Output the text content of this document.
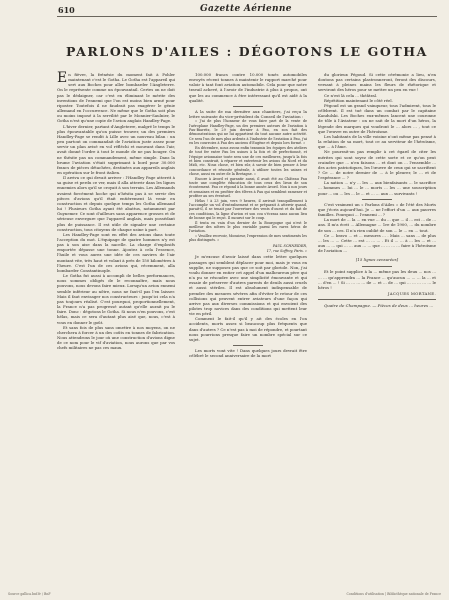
610	Gazette Aérienne
PARLONS D'AILES : DÉGOTONS LE GOTHA

En fièvre, la frénésie du moment fait à Pohler maintenant c'est le Gotha. Le Gotha est l'appareil qui sert aux Boches pour aller bombarder l'Angleterre. On le représente comme un épouvantail. Certes on ne doit pas le dédaigner, car c'est en éliminant le mérite des inventions de l'ennemi que l'on est moins bien armé pour riposter. Toutefois il ne faudrait pas exagérer le génie allemand en l'occurrence. Ne même que le Gotha soit plus ou moins imposé à la servilité par le Monnier-Saulnier, le Gotha n'est qu'une copie de l'avion anglais Handley-Page.

L'hiver dernier, partant d'Angleterre, malgré le temps le plus épouvantable qu'on puisse trouver, un des premiers Handley-Page se rendit à Lille avec un nouveau bilan : un peu partout on commandait de l'aviation juste assez pour servir un plan avisé en vol réfléchi et mouvant dans l'air, avait donné l'ordre à tout le monde de ne pas bouger. On ne thésite pas un commandement, même simple. Dans la brume l'aviation s'était supprimant à bord pour 30.000 francs de pièces détachées, destinées aux appareils anglais en opération sur le front italien.

Il arriva ce qui devait arriver : l'Handley Page atterrit à sa guise et perdu ce ver, mais il alla atterrir dans les lignes ennemies alors qu'il se croyait à son terrain. Les Allemands avaient forcément hoche qui n'hésita pas à se servir des pièces d'avions qu'il était entièrement là venir en construction et depuis quelque temps les Gotha allemand lui ! Plusieurs Gotha ayant été abattus, notamment par Guynemer. Ce sont d'ailleurs sans apparence grosses et de sérieuse envergure que l'appareil anglais, mais possédant plus de puissance. Il est utile de signaler une certaine construction, tous citoyens de chaque usine à part.

Les Handley-Page sont en effet des avions dans toute l'acception du mot. L'équipage de quatre hommes n'y est pas à son aise dans la nacelle. La charge d'explosifs emportée dépasse une tonne. Ajoutez à cela l'essence, l'huile et vous aurez une idée de ces navires de l'air montant vite, très haut et volant à près de 150 kilomètres à l'heure. C'est l'un de ces avions qui, récemment, alla bombarder Constantinople.

Le Gotha fut aussi à accompli de belles performances, nous sommes obligés de le reconnaître, mais nous pouvons, nous devons faire mieux. Lorsqu'un avion ennemi semble inférieur au nôtre, nous ne faut-il pas l'en laisser. Mais il faut envisager nos constructeurs : jusqu'ici cela n'a pas toujours réalisé. C'est pourquoi, proportionnellement, la France n'a pas progressé autant qu'elle aurait pu le faire. Donc : dégotons le Gotha. Si nous n'en pouvons, c'est hélas, mais ce sera d'autant plus aisé que, nous, c'est à vous en donner le goût.

Et sans fois de plus sans omettre à nos moyens, on ne cherchera à forcer à un des coûts en tonnes de fabrication. Nous attendrons le jour où une construction d'avions digne de ce nom pour le vif d'aviation, nous aurons que par vos chefs militaires ne pas ces maux.

100.000 francs contre 10.000 tonés automobiles envoyés récent tonnes à maintenir le rapport marché pour valoir à tant font aviation automobile. Cela pour que notre travail achevé, à l'avoir de l'industrie à plus à propos, ont que les au commence à être intéressant qu'il est aidé à la qualité.

A la suite de ma dernière aux chantiers, j'ai reçu la lettre suivante du vice-président du Conseil de l'aviation :

« J'ai de plus l'honneur de vous faire part de la vente de l'aéroplane Handley-Page, un des premiers auteurs de l'aviation à Pau-Biarritz, le 29 juin dernier à Pau, en son fait des démonstrations qui ne lui appartient du tout aucune autre activité. Ce sera l'un de mes plus ardents à l'industrie de l'aviation à Pau, j'ai eu les courroies à Pau des anciens d'Eugène et depuis lors formé. »

En décembre, nous avons enfin transmis les équipes des ateliers de tout fer entre Pau les usines à la fois et de perfectionné, et l'équipe avionnaise toute sera une de ces meilleures, jusqu'à la fois et bien construit, à réparer et entretenir les avions du Nord et du Midi, etc. Nous chose, et bien sûr, à savoir de bien penser à leur concordance et réussite générale, à utiliser toutes les usines et chose, aussi en outre de la Bretagne. »

Encore à Avord et garantir aussi, il avait été au Château Pau toute une complète éducation de tous ceux des lieux de son écoutement. Pau ce répond à la bonne année Avord. Non à nos jours et semaines et en profiter des élèves à Pau qui semblent ramener et profiter au ses éventuel.

Hélas ! à 23 juin, vers 9 heures, il arrivait tranquillement à l'accomplir un vol d'entraînement et se préparait à atterrir quand, parait-il, il se tenait par l'ouverture des vents d'ouest et du fait de ces conditions, la ligne d'avion et son cou s'écrasa sans aucun lieu de bonne qui le reçut. Il mourut sur le coup.

Il tenta en vain d'un dernier de la Bourgogne qui n'est le meilleur des nôtres le plus enviable parmi les rares héros de l'aviation.

« Veuillez recevoir, Monsieur, l'expression de mes sentiments les plus distingués. »

PAUL SCHNEIDER,
17, rue Soffroy, Paris. »

Je m'excuse d'avoir laissé dans cette lettre quelques passages qui semblent déplacer pour moi, mais je vous en supplie, ne supposez pas que ce soit par gloriole. Non, j'ai voulu donner en entier cet appel d'un malheureux père qui n'a pu se résoudre avec une simplicité émouvante et qui essaie de préserver d'autres parents de deuils aussi cruels et aussi stériles. Il est absolument indispensable de prendre des mesures sévères afin d'éviter le retour de ces collisions qui peuvent entrer aviateurs d'une façon qui arrive pas aux diverses commissions et qui envoient des pilotes trop novices dans des conditions qui mettent leur vie en péril.

Comment le fait-il qu'il y ait des écoles en l'on accidents, morts assez si beaucoup plus fréquents que dans d'autres ? Ce n'est pas à moi de répondre, et pourtant nous pourrions presque faire un nombre spécial sur ce sujet.

Les morts vont vite ! Dans quelques jours devrait être célébré le second anniversaire de la mort

du glorieux Pégoud. Si cette cérémonie a lieu, n'en doutons pas certains plastronneront, feront des discours, versant à pleines mains les fleurs de rhétorique et serviront des héros pour se mettre un peu en vue !

Ce n'est là cela ... théâtral.

Répétition maintenant le côté réel.

Pégoud est un grand vainqueur, tous l'admirent, tous le célèbrent. Il est tué dans un combat par le capitaine Kandulski. Les Boches eux-mêmes lancent une couronne de tôle à l'Aviateur : on ne sait de la mort d'un héros, la légende des marques qui voudront le ... alors ... , tout ce que l'œuvre en outre de l'héroïsme.

Les habitants de la ville voisine n'ont même pas pensé à la relation de sa mort, tout ce au serviteur de l'héroïsme, que ... à l'âme.

Ne pourrait-on pas remplir à cet égard de citer les mérites qui sont soyez de cette sorte et ce qu'on peut craindre que ... n'en faisons ... et dont on ... l'ensemble ... des actes patriotiques, les l'œuvre de ceux qui se sacrifient ? Ce ... de notre dernier de ... à le pleurer, le ... et de l'espérance ... ?

La nation ... n'y ... les ... aux bienfaisants ... le sacrifice ... hommes ... lui ... le ... morts ... les ... une souscription pour ... ou ... les ... le ... et ... ... aux ... survivants !

C'est vraiment un « Parlons d'Ailes » de l'été des Morts que j'écris aujourd'hui. Je ... ne l'effort d'un ... aux pauvres familles. Pourquoi ... l'ennemi ... ?

La mort de ... la ... en vue ... du ... que ... il ... est ... de ... ans. Il m'a écrit ... Allemagne ... 1re de 1900, ... du nombre de son ... ces. Il n'a rien oublié de son ... le ... en ... tout.

Ce ... bravo ... et ... mesures ... . Mais ... sans ... de plus ... les ... ... Cette ... est ... ... ... . Et il ... ... à ... les ... et ... aux ... ... qui ... ... aux ... ... que ... ... ... ... faire à l'héroïsme de l'aviation ...

[15 lignes censurées]

Et le point supplice à la ... même pas les deux ... nos ... ... ... qu'apprendra ... la France ... qu'aucun ... ... ... la ... et ... d'en ... ! Si ... ... ... ... de ... et ... de ... qui ... ... ... ... ... le héros !

JACQUES MORTANE.

Quatre de Champagne. — Pièces de deux ... heures ...

Source gallica.bnf.fr / BnF	Conditions d'utilisation | Bibliothèque nationale de France
